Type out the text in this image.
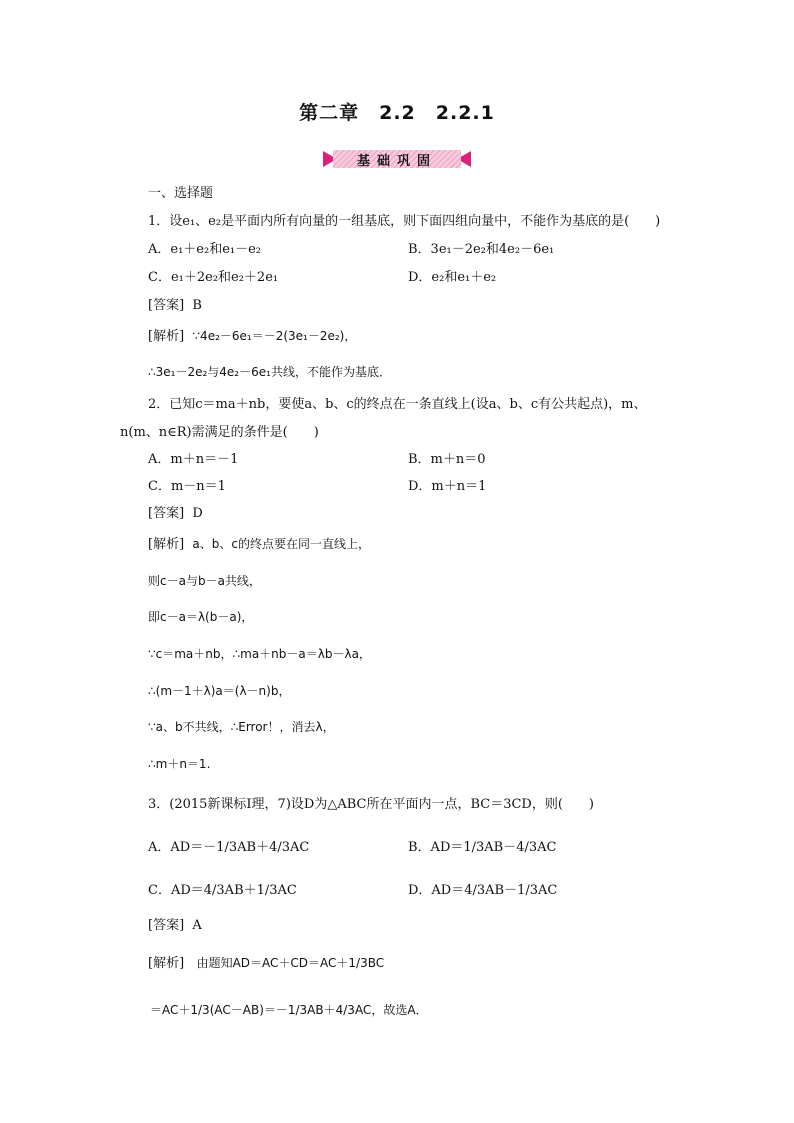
第二章　2.2　2.2.1
基础巩固
一、选择题
1．设e₁、e₂是平面内所有向量的一组基底，则下面四组向量中，不能作为基底的是(　　)
A．e₁＋e₂和e₁－e₂	B．3e₁－2e₂和4e₂－6e₁
C．e₁＋2e₂和e₂＋2e₁	D．e₂和e₁＋e₂
[答案] B
[解析] ∵4e₂－6e₁＝－2(3e₁－2e₂)，
∴3e₁－2e₂与4e₂－6e₁共线，不能作为基底．
2．已知c＝ma＋nb，要使a、b、c的终点在一条直线上(设a、b、c有公共起点)，m、
n(m、n∈R)需满足的条件是(　　)
A．m＋n＝－1	B．m＋n＝0
C．m－n＝1	D．m＋n＝1
[答案] D
[解析] a、b、c的终点要在同一直线上，
则c－a与b－a共线，
即c－a＝λ(b－a)，
∵c＝ma＋nb，∴ma＋nb－a＝λb－λa，
∴(m－1＋λ)a＝(λ－n)b，
∵a、b不共线，∴Error！，消去λ，
∴m＋n＝1.
3．(2015新课标Ⅰ理，7)设D为△ABC所在平面内一点，BC＝3CD，则(　　)
A．AD＝－1/3AB＋4/3AC	B．AD＝1/3AB－4/3AC
C．AD＝4/3AB＋1/3AC	D．AD＝4/3AB－1/3AC
[答案] A
[解析] 由题知AD＝AC＋CD＝AC＋1/3BC
＝AC＋1/3(AC－AB)＝－1/3AB＋4/3AC，故选A．
